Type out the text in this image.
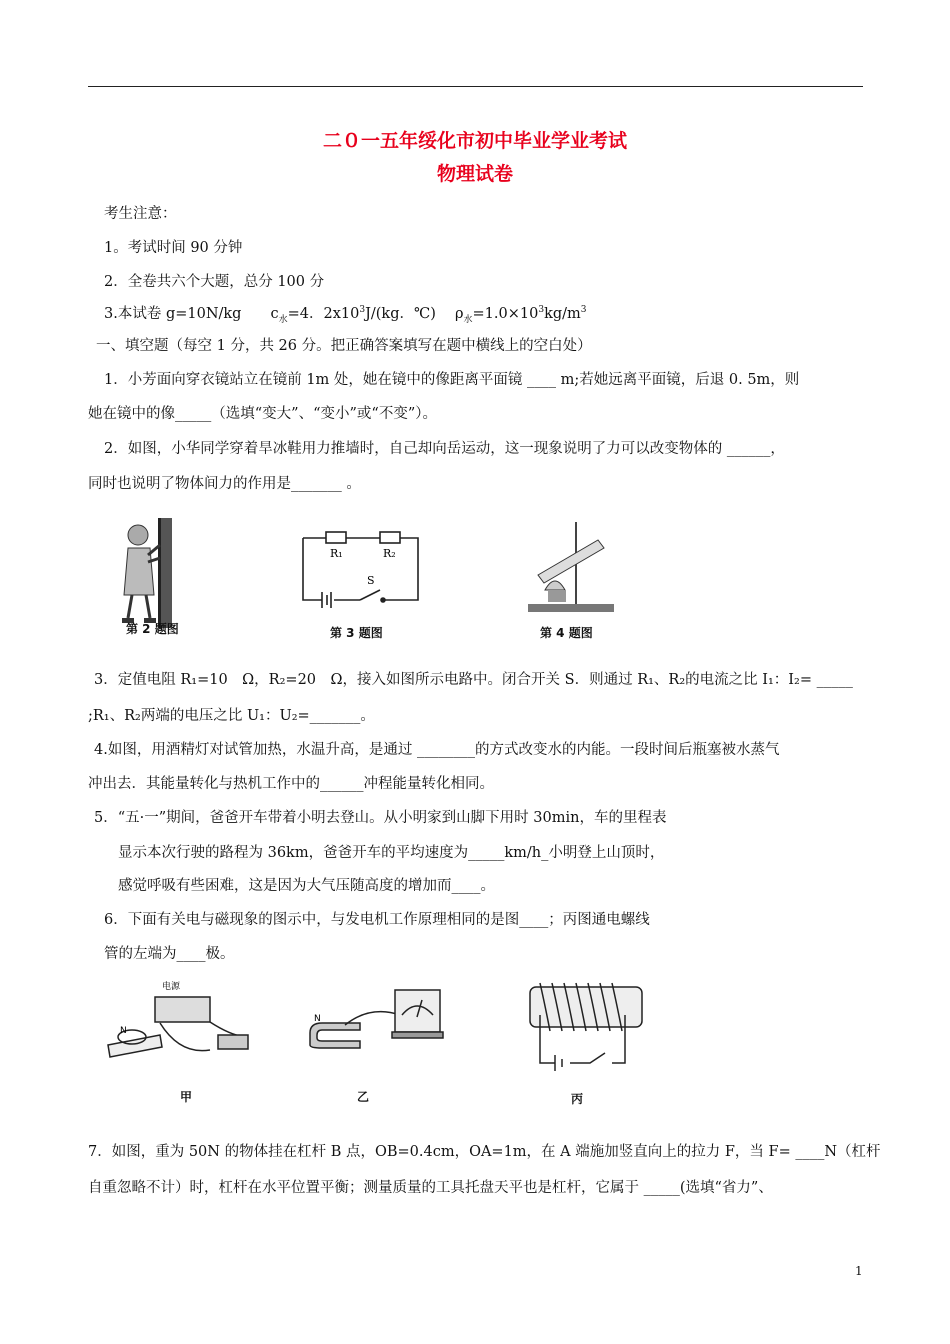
二０一五年绥化市初中毕业学业考试
物理试卷
考生注意：
1。考试时间 90 分钟
2．全卷共六个大题，总分 100 分
3.本试卷 g=10N/kg　　$c_水=4$．$2x10^3J/(kg$．℃)　 $\rho_水=1.0\times 10^3kg/m^3$
一、填空题（每空 1 分，共 26 分。把正确答案填写在题中横线上的空白处）
1．小芳面向穿衣镜站立在镜前 1m 处，她在镜中的像距离平面镜 ____ m;若她远离平面镜，后退 0. 5m，则
她在镜中的像_____（选填“变大”、“变小”或“不变”）。
2．如图，小华同学穿着旱冰鞋用力推墙时，自己却向岳运动，这一现象说明了力可以改变物体的 ______，
同时也说明了物体间力的作用是_______ 。
R₁	R₂
S
第 2 题图	第 3 题图	第 4 题图
3．定值电阻 R₁=10　Ω，R₂=20　Ω，接入如图所示电路中。闭合开关 S．则通过 R₁、R₂的电流之比 I₁：I₂= _____
;R₁、R₂两端的电压之比 U₁：U₂=_______。
4.如图，用酒精灯对试管加热，水温升高，是通过 ________的方式改变水的内能。一段时间后瓶塞被水蒸气
冲出去．其能量转化与热机工作中的______冲程能量转化相同。
5．“五·一”期间，爸爸开车带着小明去登山。从小明家到山脚下用时 30min，车的里程表
显示本次行驶的路程为 36km，爸爸开车的平均速度为_____km/h_小明登上山顶时，
感觉呼吸有些困难，这是因为大气压随高度的增加而____。
6．下面有关电与磁现象的图示中，与发电机工作原理相同的是图____；丙图通电螺线
管的左端为____极。
电源
N
N
甲	乙	丙
7．如图，重为 50N 的物体挂在杠杆 B 点，OB=0.4cm，OA=1m，在 A 端施加竖直向上的拉力 F，当 F= ____N（杠杆
自重忽略不计）时，杠杆在水平位置平衡；测量质量的工具托盘天平也是杠杆，它属于 _____(选填“省力”、
1
